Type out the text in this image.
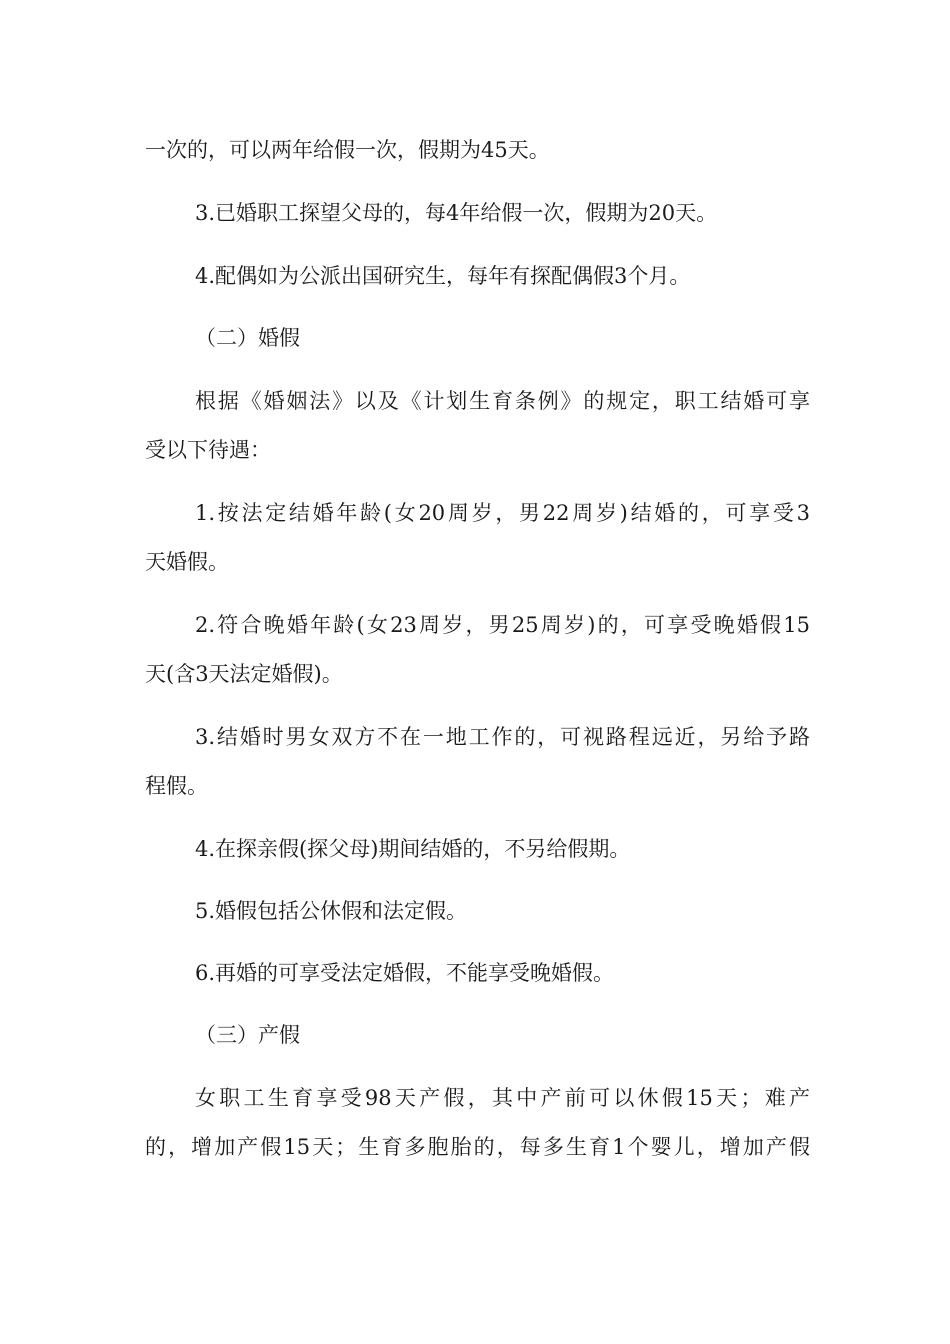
一次的，可以两年给假一次，假期为45天。
3.已婚职工探望父母的，每4年给假一次，假期为20天。
4.配偶如为公派出国研究生，每年有探配偶假3个月。
（二）婚假
根据《婚姻法》以及《计划生育条例》的规定，职工结婚可享
受以下待遇：
1.按法定结婚年龄(女20周岁，男22周岁)结婚的，可享受3
天婚假。
2.符合晚婚年龄(女23周岁，男25周岁)的，可享受晚婚假15
天(含3天法定婚假)。
3.结婚时男女双方不在一地工作的，可视路程远近，另给予路
程假。
4.在探亲假(探父母)期间结婚的，不另给假期。
5.婚假包括公休假和法定假。
6.再婚的可享受法定婚假，不能享受晚婚假。
（三）产假
女职工生育享受98天产假，其中产前可以休假15天；难产
的，增加产假15天；生育多胞胎的，每多生育1个婴儿，增加产假
